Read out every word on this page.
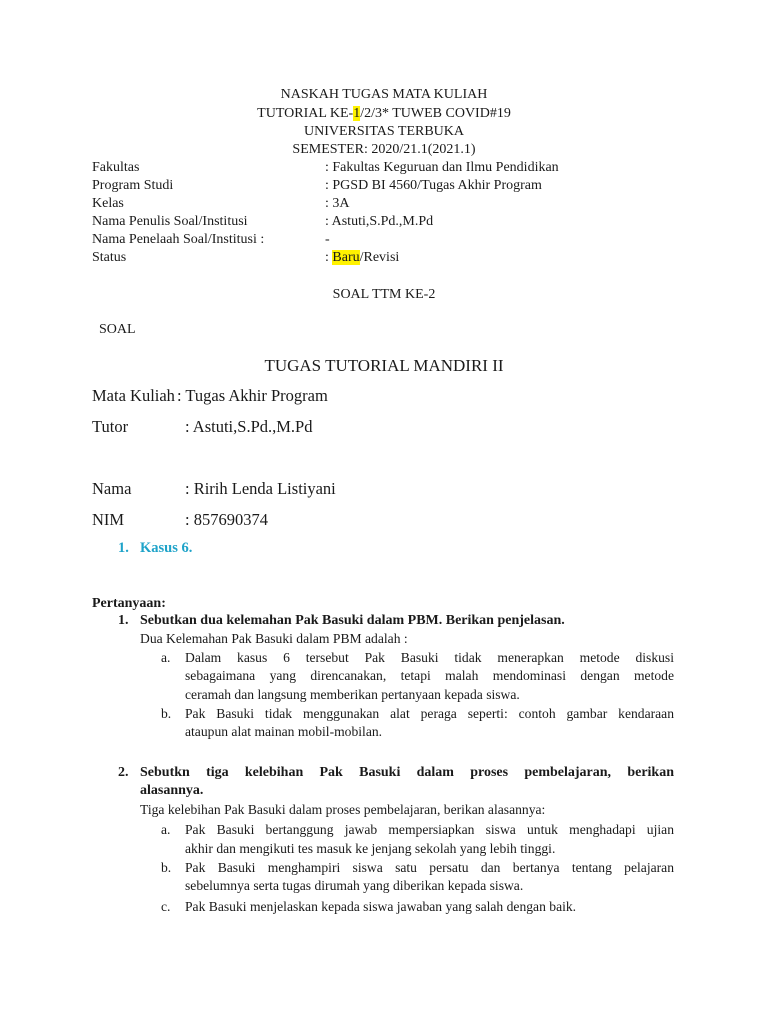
NASKAH TUGAS MATA KULIAH
TUTORIAL KE-1/2/3* TUWEB COVID#19
UNIVERSITAS TERBUKA
SEMESTER: 2020/21.1(2021.1)
Fakultas	: Fakultas Keguruan dan Ilmu Pendidikan
Program Studi	: PGSD BI 4560/Tugas Akhir Program
Kelas	: 3A
Nama Penulis Soal/Institusi	: Astuti,S.Pd.,M.Pd
Nama Penelaah Soal/Institusi :	-
Status	: Baru/Revisi
SOAL TTM KE-2
SOAL
TUGAS TUTORIAL MANDIRI II
Mata Kuliah : Tugas Akhir Program
Tutor	: Astuti,S.Pd.,M.Pd
Nama	: Ririh Lenda Listiyani
NIM	: 857690374
1. Kasus 6.
Pertanyaan:
1. Sebutkan dua kelemahan Pak Basuki dalam PBM. Berikan penjelasan.
Dua Kelemahan Pak Basuki dalam PBM adalah :
a. Dalam kasus 6 tersebut Pak Basuki tidak menerapkan metode diskusi
sebagaimana yang direncanakan, tetapi malah mendominasi dengan metode
ceramah dan langsung memberikan pertanyaan kepada siswa.
b. Pak Basuki tidak menggunakan alat peraga seperti: contoh gambar kendaraan
ataupun alat mainan mobil-mobilan.
2. Sebutkn tiga kelebihan Pak Basuki dalam proses pembelajaran, berikan
alasannya.
Tiga kelebihan Pak Basuki dalam proses pembelajaran, berikan alasannya:
a. Pak Basuki bertanggung jawab mempersiapkan siswa untuk menghadapi ujian
akhir dan mengikuti tes masuk ke jenjang sekolah yang lebih tinggi.
b. Pak Basuki menghampiri siswa satu persatu dan bertanya tentang pelajaran
sebelumnya serta tugas dirumah yang diberikan kepada siswa.
c. Pak Basuki menjelaskan kepada siswa jawaban yang salah dengan baik.
